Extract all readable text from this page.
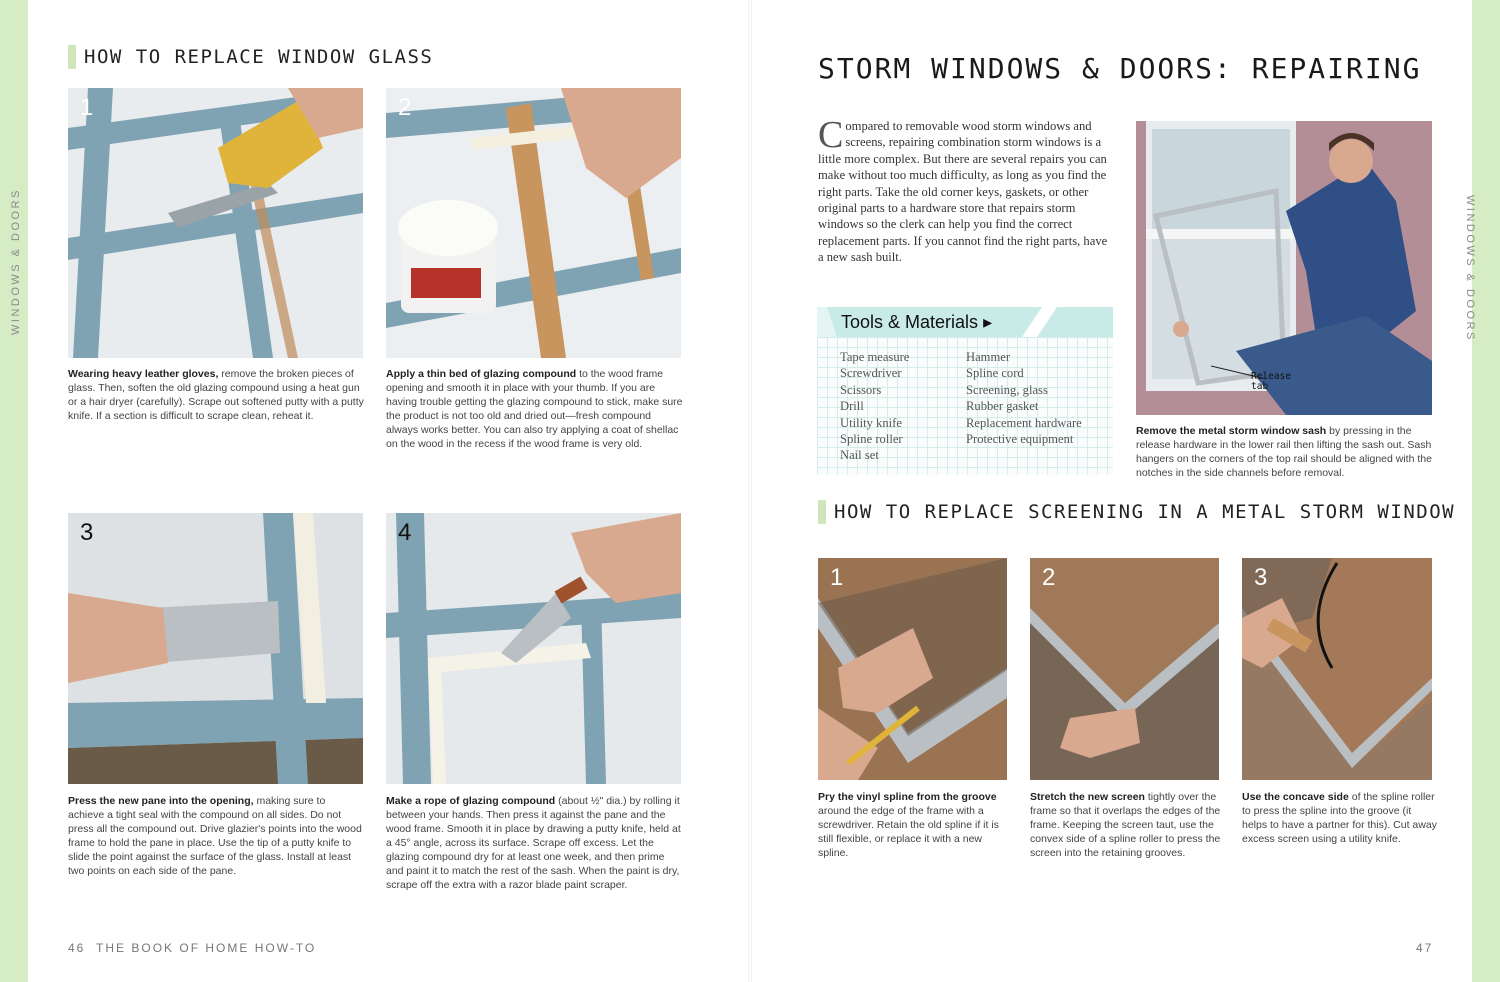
WINDOWS & DOORS	WINDOWS & DOORS
HOW TO REPLACE WINDOW GLASS
1
Wearing heavy leather gloves, remove the broken pieces of glass. Then, soften the old glazing compound using a heat gun or a hair dryer (carefully). Scrape out softened putty with a putty knife. If a section is difficult to scrape clean, reheat it.
2
Apply a thin bed of glazing compound to the wood frame opening and smooth it in place with your thumb. If you are having trouble getting the glazing compound to stick, make sure the product is not too old and dried out—fresh compound always works better. You can also try applying a coat of shellac on the wood in the recess if the wood frame is very old.
3
Press the new pane into the opening, making sure to achieve a tight seal with the compound on all sides. Do not press all the compound out. Drive glazier's points into the wood frame to hold the pane in place. Use the tip of a putty knife to slide the point against the surface of the glass. Install at least two points on each side of the pane.
4
Make a rope of glazing compound (about ½" dia.) by rolling it between your hands. Then press it against the pane and the wood frame. Smooth it in place by drawing a putty knife, held at a 45° angle, across its surface. Scrape off excess. Let the glazing compound dry for at least one week, and then prime and paint it to match the rest of the sash. When the paint is dry, scrape off the extra with a razor blade paint scraper.
46 THE BOOK OF HOME HOW-TO
STORM WINDOWS & DOORS: REPAIRING
Compared to removable wood storm windows and screens, repairing combination storm windows is a little more complex. But there are several repairs you can make without too much difficulty, as long as you find the right parts. Take the old corner keys, gaskets, or other original parts to a hardware store that repairs storm windows so the clerk can help you find the correct replacement parts. If you cannot find the right parts, have a new sash built.
Tools & Materials ▸
Tape measure
Screwdriver
Scissors
Drill
Utility knife
Spline roller
Nail set
Hammer
Spline cord
Screening, glass
Rubber gasket
Replacement hardware
Protective equipment
Release tab
Remove the metal storm window sash by pressing in the release hardware in the lower rail then lifting the sash out. Sash hangers on the corners of the top rail should be aligned with the notches in the side channels before removal.
HOW TO REPLACE SCREENING IN A METAL STORM WINDOW
1
Pry the vinyl spline from the groove around the edge of the frame with a screwdriver. Retain the old spline if it is still flexible, or replace it with a new spline.
2
Stretch the new screen tightly over the frame so that it overlaps the edges of the frame. Keeping the screen taut, use the convex side of a spline roller to press the screen into the retaining grooves.
3
Use the concave side of the spline roller to press the spline into the groove (it helps to have a partner for this). Cut away excess screen using a utility knife.
47
